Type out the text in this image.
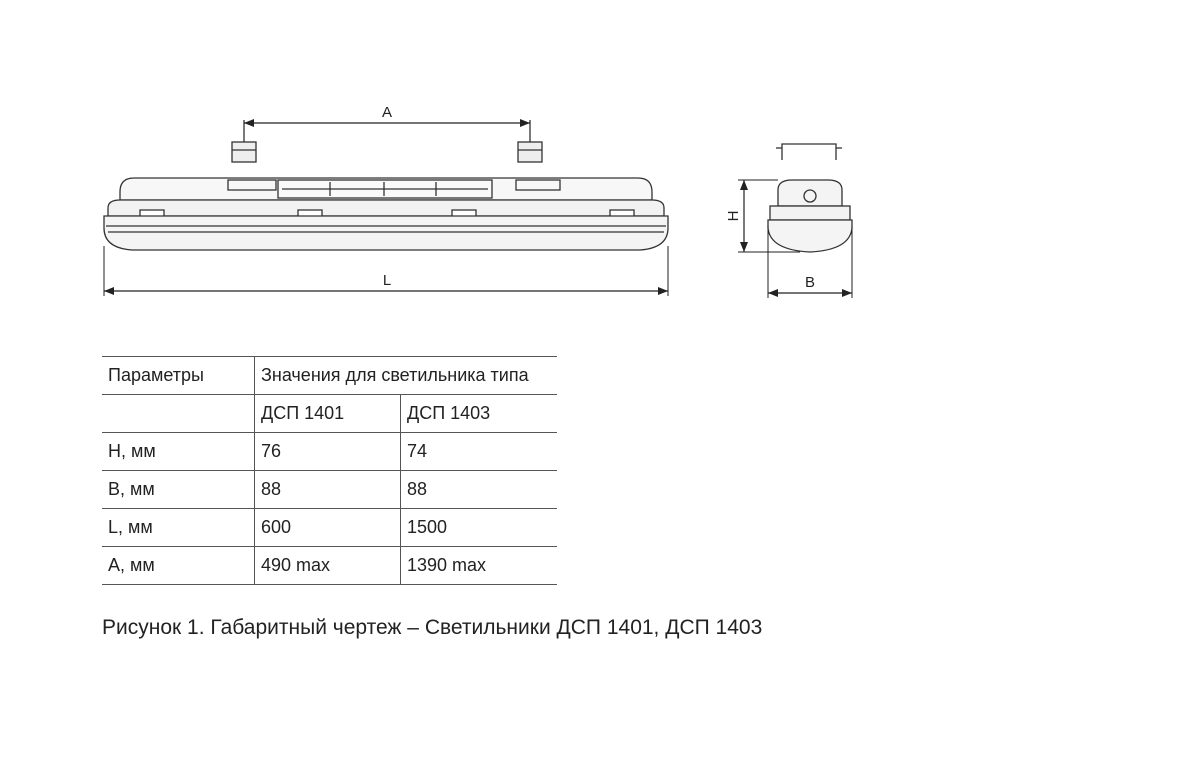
A
L
H
B
Параметры	Значения для светильника типа	
	ДСП 1401	ДСП 1403
H, мм	76	74
B, мм	88	88
L, мм	600	1500
A, мм	490 max	1390 max
Рисунок 1. Габаритный чертеж – Светильники ДСП 1401, ДСП 1403
